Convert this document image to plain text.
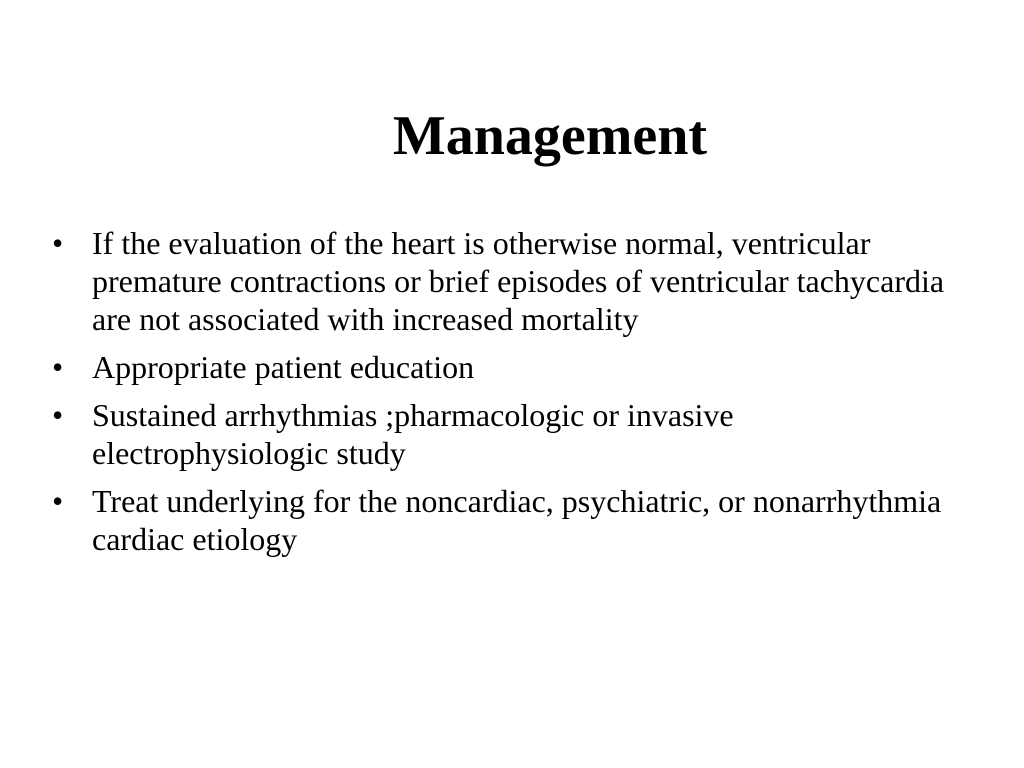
Management
• If the evaluation of the heart is otherwise normal, ventricular premature contractions or brief episodes of ventricular tachycardia are not associated with increased mortality
• Appropriate patient education
• Sustained arrhythmias ;pharmacologic or invasive electrophysiologic study
• Treat underlying for the noncardiac, psychiatric, or nonarrhythmia cardiac etiology
